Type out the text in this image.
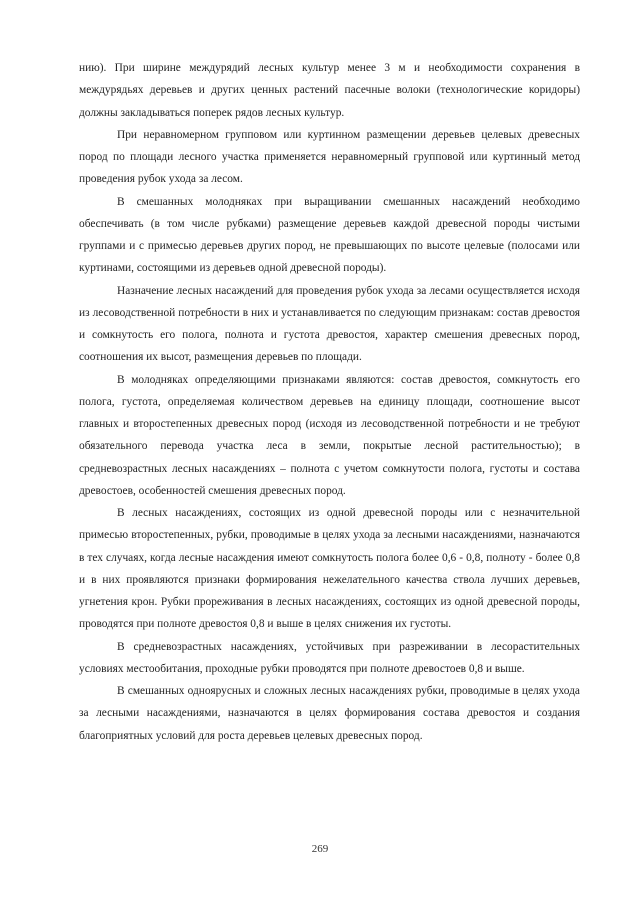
нию). При ширине междурядий лесных культур менее 3 м и необходимости сохранения в междурядьях деревьев и других ценных растений пасечные волоки (технологические коридоры) должны закладываться поперек рядов лесных культур.

При неравномерном групповом или куртинном размещении деревьев целевых древесных пород по площади лесного участка применяется неравномерный групповой или куртинный метод проведения рубок ухода за лесом.

В смешанных молодняках при выращивании смешанных насаждений необходимо обеспечивать (в том числе рубками) размещение деревьев каждой древесной породы чистыми группами и с примесью деревьев других пород, не превышающих по высоте целевые (полосами или куртинами, состоящими из деревьев одной древесной породы).

Назначение лесных насаждений для проведения рубок ухода за лесами осуществляется исходя из лесоводственной потребности в них и устанавливается по следующим признакам: состав древостоя и сомкнутость его полога, полнота и густота древостоя, характер смешения древесных пород, соотношения их высот, размещения деревьев по площади.

В молодняках определяющими признаками являются: состав древостоя, сомкнутость его полога, густота, определяемая количеством деревьев на единицу площади, соотношение высот главных и второстепенных древесных пород (исходя из лесоводственной потребности и не требуют обязательного перевода участка леса в земли, покрытые лесной растительностью); в средневозрастных лесных насаждениях – полнота с учетом сомкнутости полога, густоты и состава древостоев, особенностей смешения древесных пород.

В лесных насаждениях, состоящих из одной древесной породы или с незначительной примесью второстепенных, рубки, проводимые в целях ухода за лесными насаждениями, назначаются в тех случаях, когда лесные насаждения имеют сомкнутость полога более 0,6 - 0,8, полноту - более 0,8 и в них проявляются признаки формирования нежелательного качества ствола лучших деревьев, угнетения крон. Рубки прореживания в лесных насаждениях, состоящих из одной древесной породы, проводятся при полноте древостоя 0,8 и выше в целях снижения их густоты.

В средневозрастных насаждениях, устойчивых при разреживании в лесорастительных условиях местообитания, проходные рубки проводятся при полноте древостоев 0,8 и выше.

В смешанных одноярусных и сложных лесных насаждениях рубки, проводимые в целях ухода за лесными насаждениями, назначаются в целях формирования состава древостоя и создания благоприятных условий для роста деревьев целевых древесных пород.

269
